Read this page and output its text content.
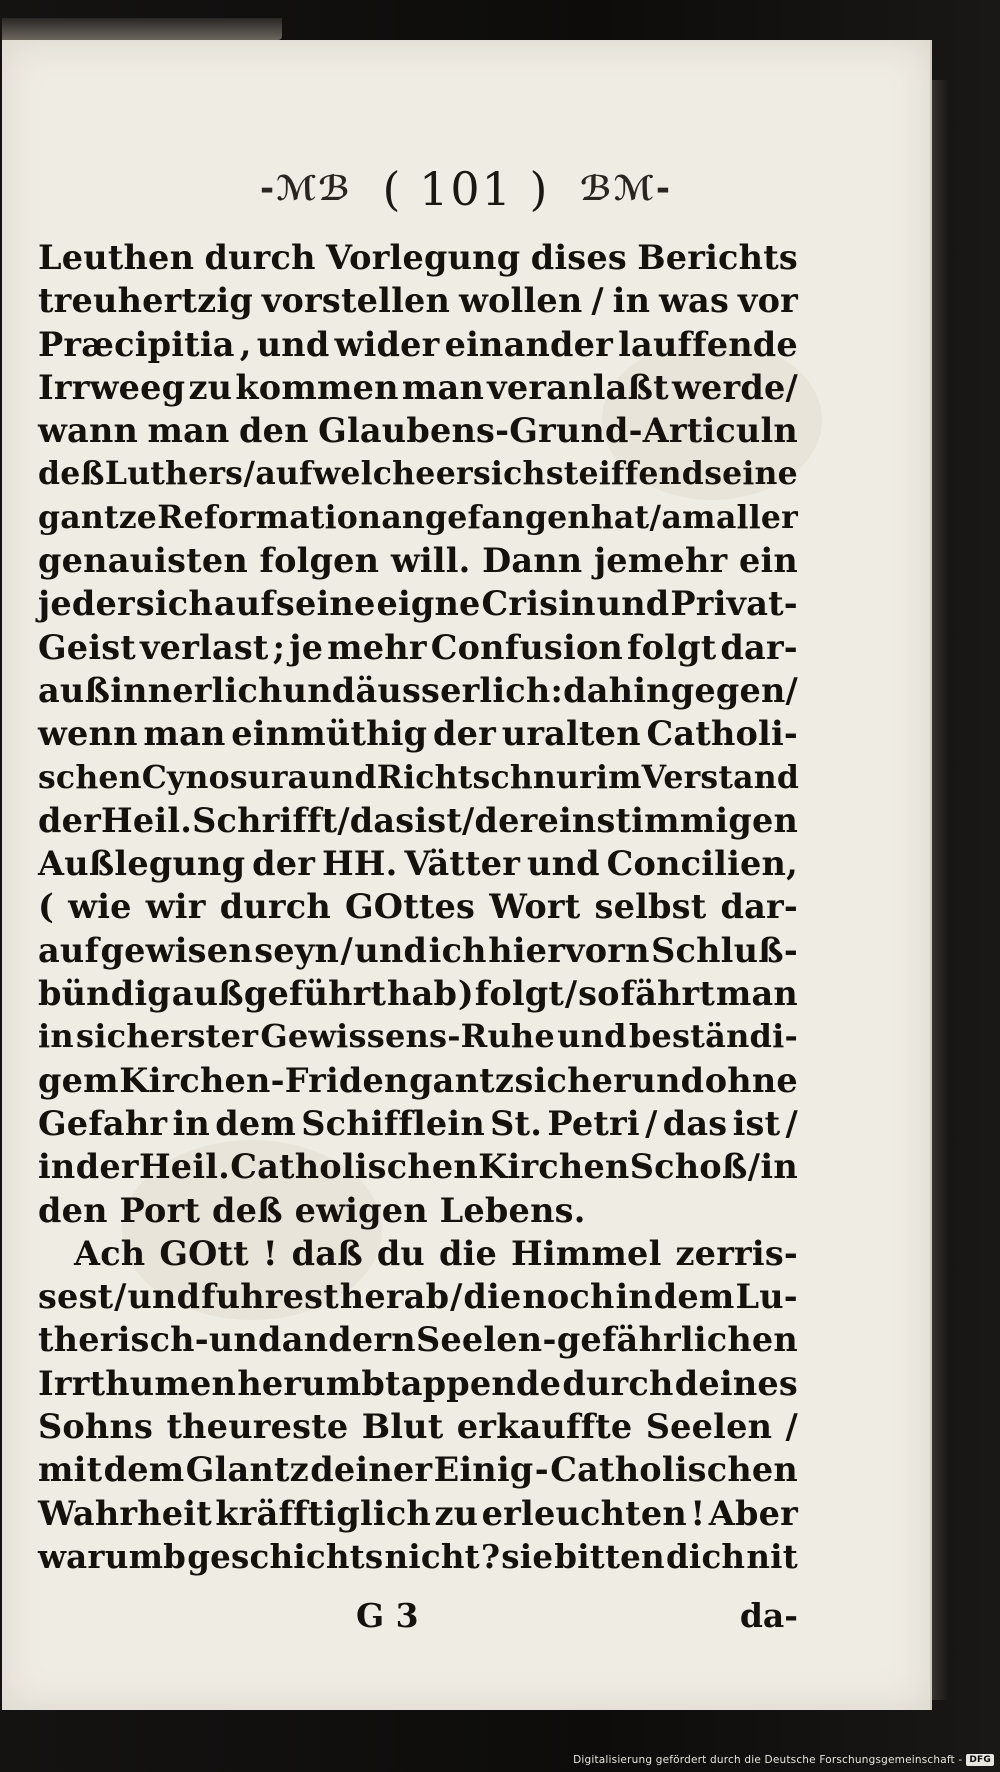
-ℳℬ ( 101 ) ℬℳ-
Leuthen durch Vorlegung dises Berichts
treuhertzig vorstellen wollen / in was vor
Præcipitia , und wider einander lauffende
Irrweeg zu kommen man veranlaßt werde/
wann man den Glaubens-Grund-Articuln
deß Luthers / auf welche er sich steiffend seine
gantze Reformation angefangen hat / am aller
genauisten folgen will. Dann jemehr ein
jeder sich auf seine eigne Crisin und Privat-
Geist verlast ; je mehr Confusion folgt dar-
auß innerlich und äusserlich : dahingegen/
wenn man einmüthig der uralten Catholi-
schen Cynosura und Richtschnur im Verstand
der Heil. Schrifft / das ist / der einstimmigen
Außlegung der HH. Vätter und Concilien,
( wie wir durch GOttes Wort selbst dar-
auf gewisen seyn / und ich hiervorn Schluß-
bündig außgeführt hab ) folgt / so fährt man
in sicherster Gewissens-Ruhe und beständi-
gem Kirchen-Friden gantz sicher und ohne
Gefahr in dem Schifflein St. Petri / das ist /
in der Heil. Catholischen Kirchen Schoß / in
den Port deß ewigen Lebens.
Ach GOtt ! daß du die Himmel zerris-
sest / und fuhrest herab / die noch in dem Lu-
therisch-und andern Seelen - gefährlichen
Irrthumen herumbtappende durch deines
Sohns theureste Blut erkauffte Seelen /
mit dem Glantz deiner Einig - Catholischen
Wahrheit kräfftiglich zu erleuchten ! Aber
warumb geschichts nicht ? sie bitten dich nit
G 3	da-
Digitalisierung gefördert durch die Deutsche Forschungsgemeinschaft - DFG
